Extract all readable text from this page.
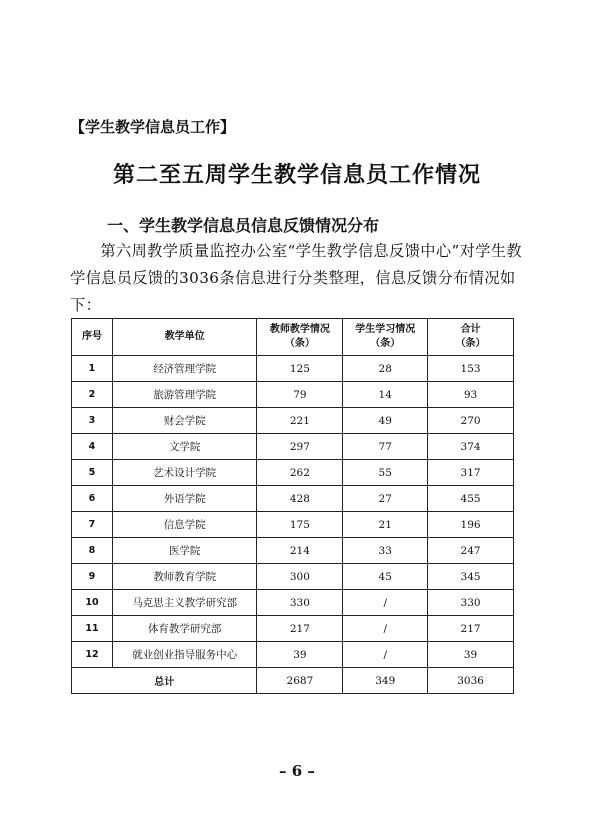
【学生教学信息员工作】
第二至五周学生教学信息员工作情况
一、学生教学信息员信息反馈情况分布
第六周教学质量监控办公室“学生教学信息反馈中心”对学生教学信息员反馈的3036条信息进行分类整理，信息反馈分布情况如下：
序号	教学单位	教师教学情况
（条）	学生学习情况
（条）	合计
（条）
1	经济管理学院	125	28	153
2	旅游管理学院	79	14	93
3	财会学院	221	49	270
4	文学院	297	77	374
5	艺术设计学院	262	55	317
6	外语学院	428	27	455
7	信息学院	175	21	196
8	医学院	214	33	247
9	教师教育学院	300	45	345
10	马克思主义教学研究部	330	/	330
11	体育教学研究部	217	/	217
12	就业创业指导服务中心	39	/	39
总计		2687	349	3036
– 6 –
